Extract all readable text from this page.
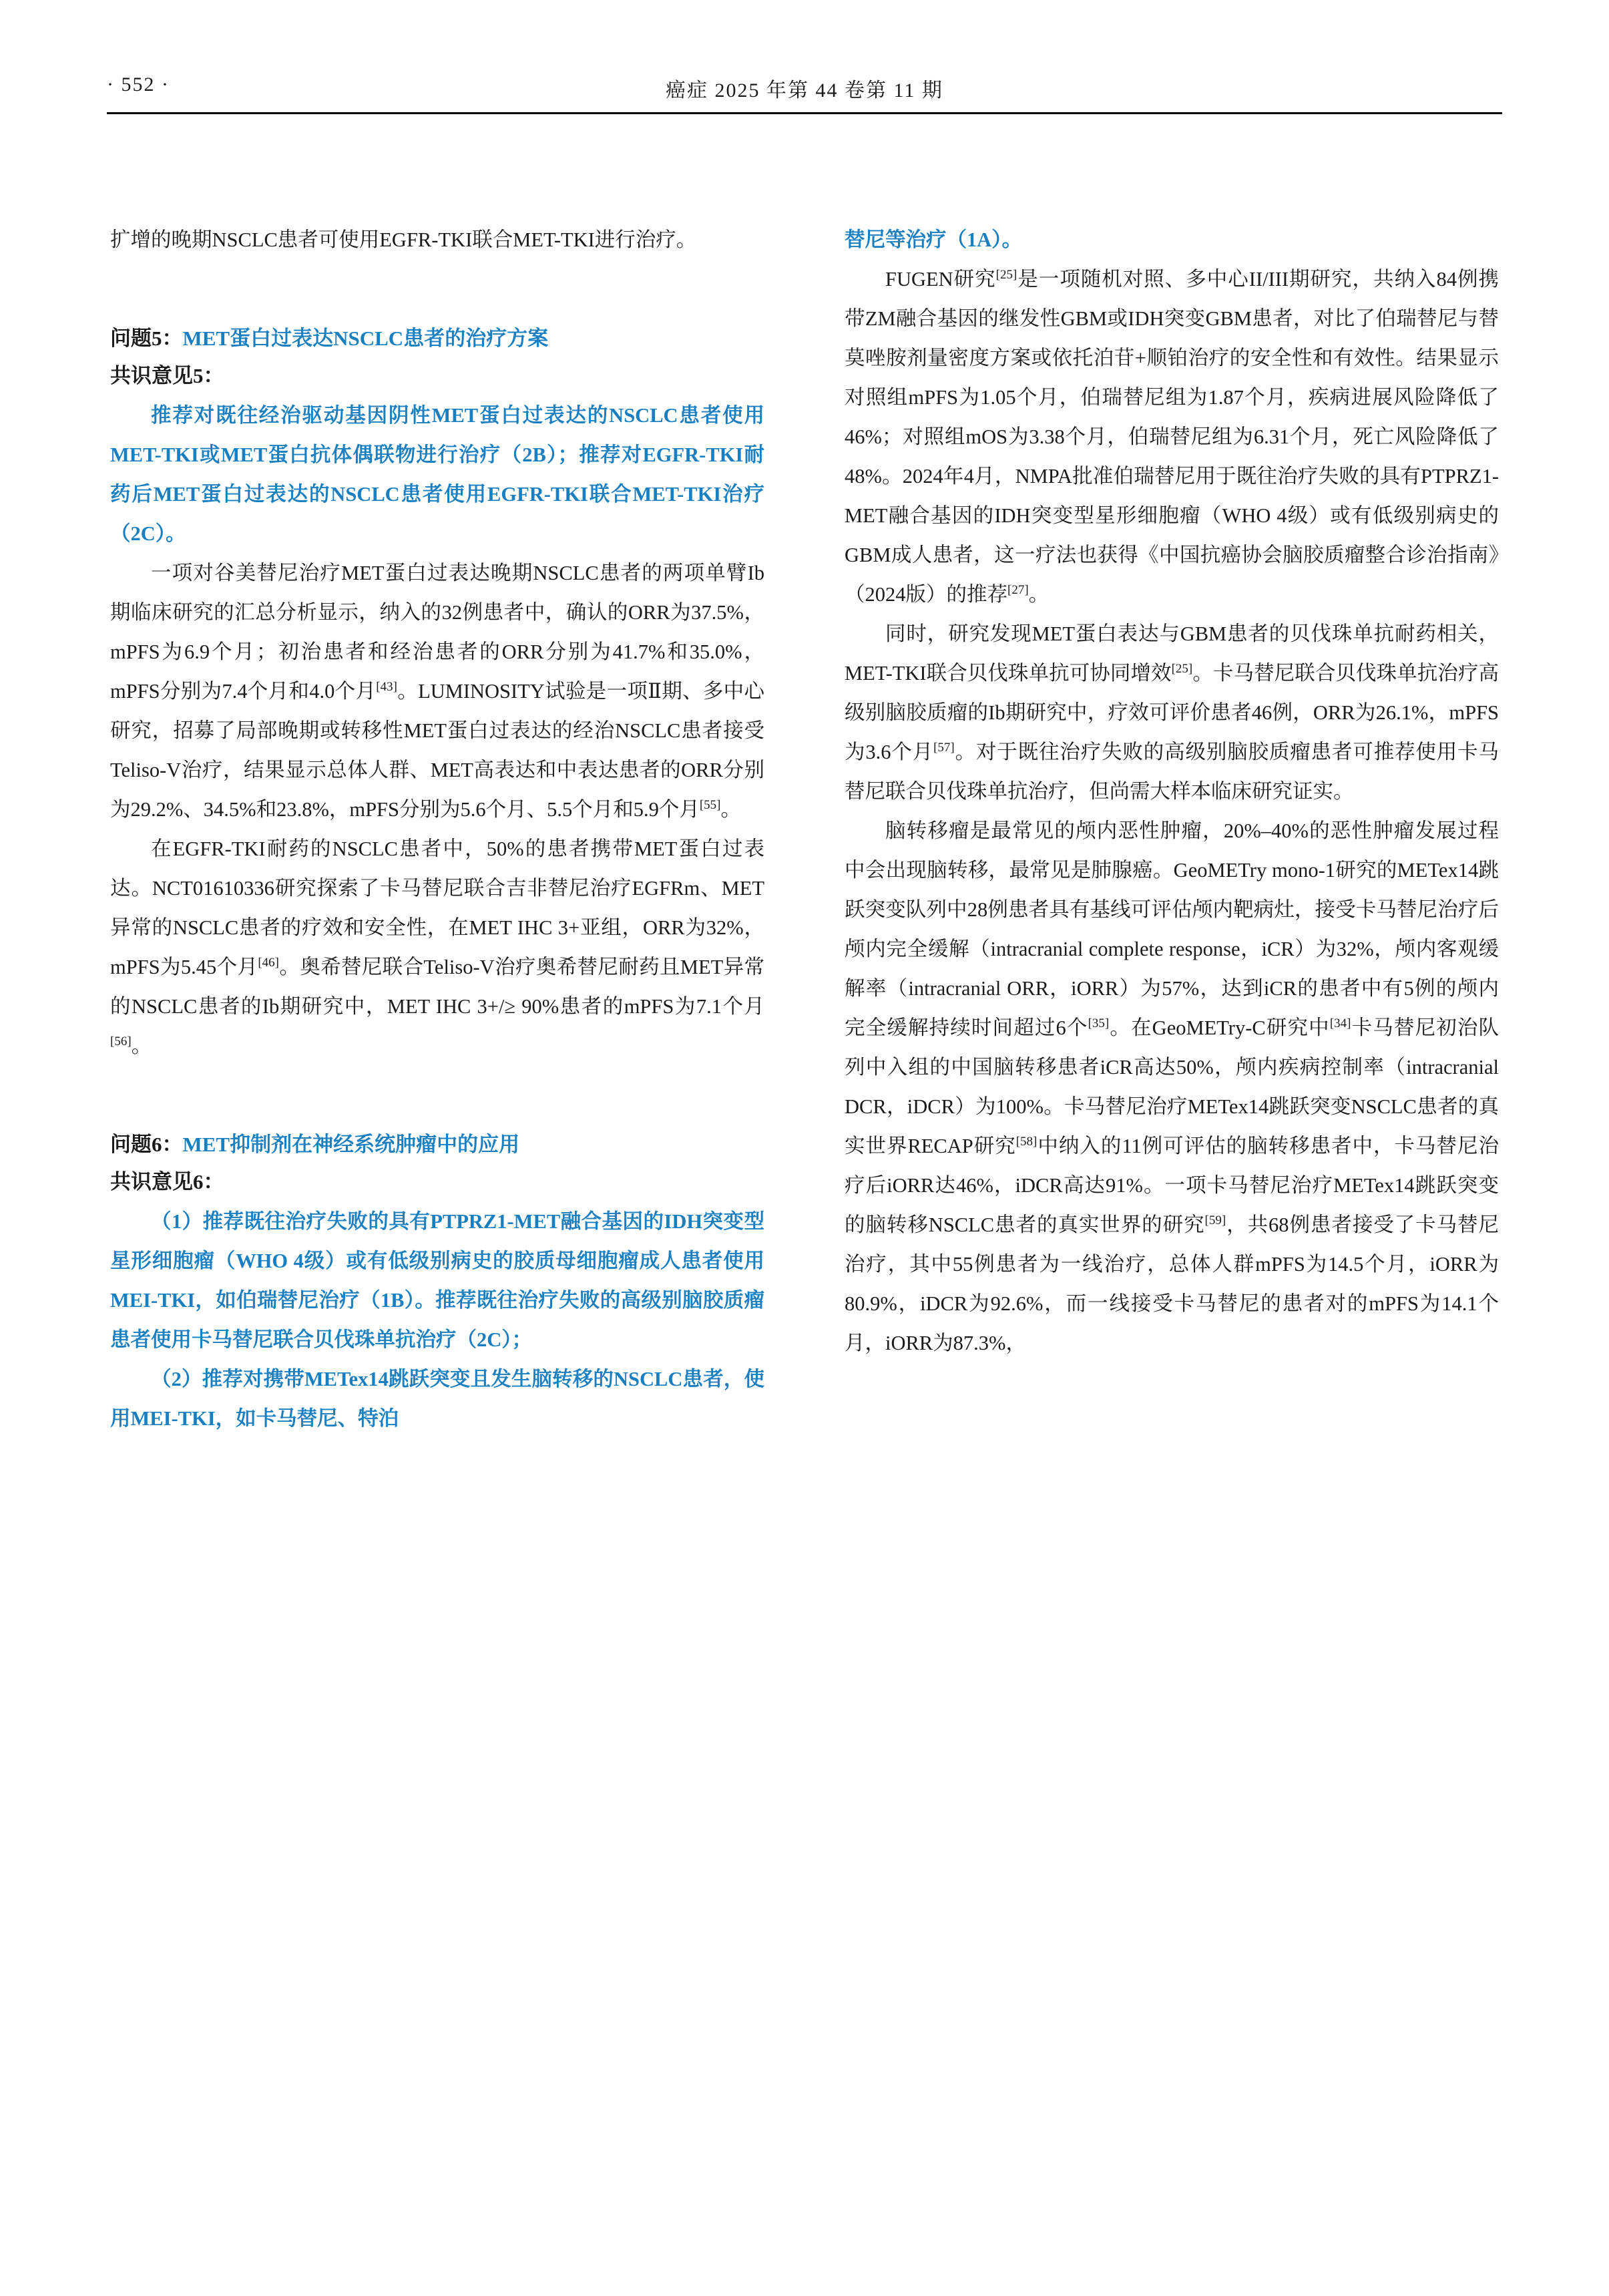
· 552 ·	癌症 2025 年第 44 卷第 11 期

扩增的晚期NSCLC患者可使用EGFR-TKI联合MET-TKI进行治疗。

问题5：MET蛋白过表达NSCLC患者的治疗方案
共识意见5：

推荐对既往经治驱动基因阴性MET蛋白过表达的NSCLC患者使用MET-TKI或MET蛋白抗体偶联物进行治疗（2B）；推荐对EGFR-TKI耐药后MET蛋白过表达的NSCLC患者使用EGFR-TKI联合MET-TKI治疗（2C）。

一项对谷美替尼治疗MET蛋白过表达晚期NSCLC患者的两项单臂Ib期临床研究的汇总分析显示，纳入的32例患者中，确认的ORR为37.5%，mPFS为6.9个月；初治患者和经治患者的ORR分别为41.7%和35.0%，mPFS分别为7.4个月和4.0个月[43]。LUMINOSITY试验是一项Ⅱ期、多中心研究，招募了局部晚期或转移性MET蛋白过表达的经治NSCLC患者接受Teliso-V治疗，结果显示总体人群、MET高表达和中表达患者的ORR分别为29.2%、34.5%和23.8%，mPFS分别为5.6个月、5.5个月和5.9个月[55]。

在EGFR-TKI耐药的NSCLC患者中，50%的患者携带MET蛋白过表达。NCT01610336研究探索了卡马替尼联合吉非替尼治疗EGFRm、MET异常的NSCLC患者的疗效和安全性，在MET IHC 3+亚组，ORR为32%，mPFS为5.45个月[46]。奥希替尼联合Teliso-V治疗奥希替尼耐药且MET异常的NSCLC患者的Ib期研究中，MET IHC 3+/≥ 90%患者的mPFS为7.1个月[56]。

问题6：MET抑制剂在神经系统肿瘤中的应用
共识意见6：

（1）推荐既往治疗失败的具有PTPRZ1-MET融合基因的IDH突变型星形细胞瘤（WHO 4级）或有低级别病史的胶质母细胞瘤成人患者使用MEI-TKI，如伯瑞替尼治疗（1B）。推荐既往治疗失败的高级别脑胶质瘤患者使用卡马替尼联合贝伐珠单抗治疗（2C）；

（2）推荐对携带METex14跳跃突变且发生脑转移的NSCLC患者，使用MEI-TKI，如卡马替尼、特泊

替尼等治疗（1A）。

FUGEN研究[25]是一项随机对照、多中心II/III期研究，共纳入84例携带ZM融合基因的继发性GBM或IDH突变GBM患者，对比了伯瑞替尼与替莫唑胺剂量密度方案或依托泊苷+顺铂治疗的安全性和有效性。结果显示对照组mPFS为1.05个月，伯瑞替尼组为1.87个月，疾病进展风险降低了46%；对照组mOS为3.38个月，伯瑞替尼组为6.31个月，死亡风险降低了48%。2024年4月，NMPA批准伯瑞替尼用于既往治疗失败的具有PTPRZ1-MET融合基因的IDH突变型星形细胞瘤（WHO 4级）或有低级别病史的GBM成人患者，这一疗法也获得《中国抗癌协会脑胶质瘤整合诊治指南》（2024版）的推荐[27]。

同时，研究发现MET蛋白表达与GBM患者的贝伐珠单抗耐药相关，MET-TKI联合贝伐珠单抗可协同增效[25]。卡马替尼联合贝伐珠单抗治疗高级别脑胶质瘤的Ib期研究中，疗效可评价患者46例，ORR为26.1%，mPFS为3.6个月[57]。对于既往治疗失败的高级别脑胶质瘤患者可推荐使用卡马替尼联合贝伐珠单抗治疗，但尚需大样本临床研究证实。

脑转移瘤是最常见的颅内恶性肿瘤，20%–40%的恶性肿瘤发展过程中会出现脑转移，最常见是肺腺癌。GeoMETry mono-1研究的METex14跳跃突变队列中28例患者具有基线可评估颅内靶病灶，接受卡马替尼治疗后颅内完全缓解（intracranial complete response，iCR）为32%，颅内客观缓解率（intracranial ORR，iORR）为57%，达到iCR的患者中有5例的颅内完全缓解持续时间超过6个[35]。在GeoMETry-C研究中[34]卡马替尼初治队列中入组的中国脑转移患者iCR高达50%，颅内疾病控制率（intracranial DCR，iDCR）为100%。卡马替尼治疗METex14跳跃突变NSCLC患者的真实世界RECAP研究[58]中纳入的11例可评估的脑转移患者中，卡马替尼治疗后iORR达46%，iDCR高达91%。一项卡马替尼治疗METex14跳跃突变的脑转移NSCLC患者的真实世界的研究[59]，共68例患者接受了卡马替尼治疗，其中55例患者为一线治疗，总体人群mPFS为14.5个月，iORR为80.9%，iDCR为92.6%，而一线接受卡马替尼的患者对的mPFS为14.1个月，iORR为87.3%，
